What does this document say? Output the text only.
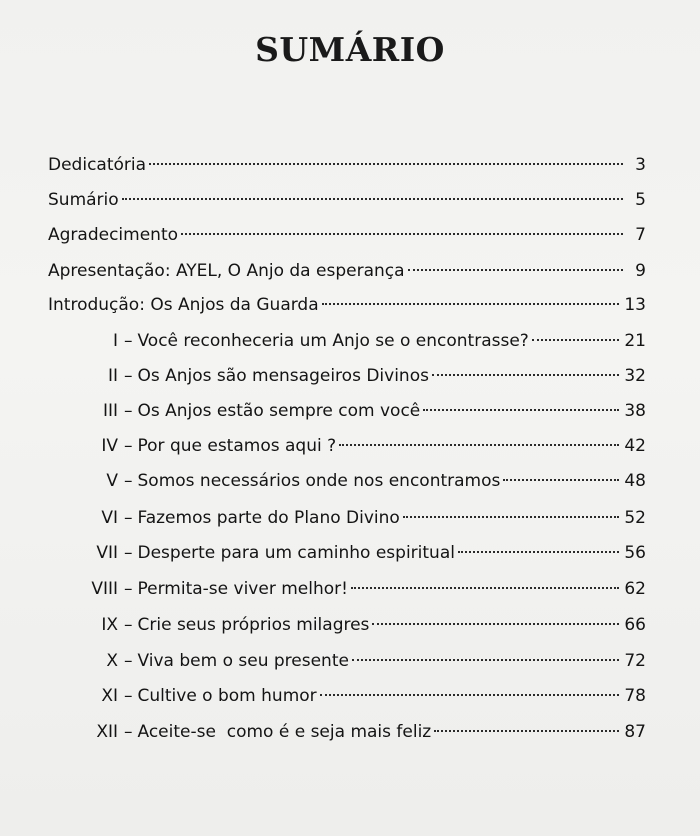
SUMÁRIO
Dedicatória	3
Sumário	5
Agradecimento	7
Apresentação: AYEL, O Anjo da esperança	9
Introdução: Os Anjos da Guarda	13
I – Você reconheceria um Anjo se o encontrasse?	21
II – Os Anjos são mensageiros Divinos	32
III – Os Anjos estão sempre com você	38
IV – Por que estamos aqui ?	42
V – Somos necessários onde nos encontramos	48
VI – Fazemos parte do Plano Divino	52
VII – Desperte para um caminho espiritual	56
VIII – Permita-se viver melhor!	62
IX – Crie seus próprios milagres	66
X – Viva bem o seu presente	72
XI – Cultive o bom humor	78
XII – Aceite-se  como é e seja mais feliz	87
